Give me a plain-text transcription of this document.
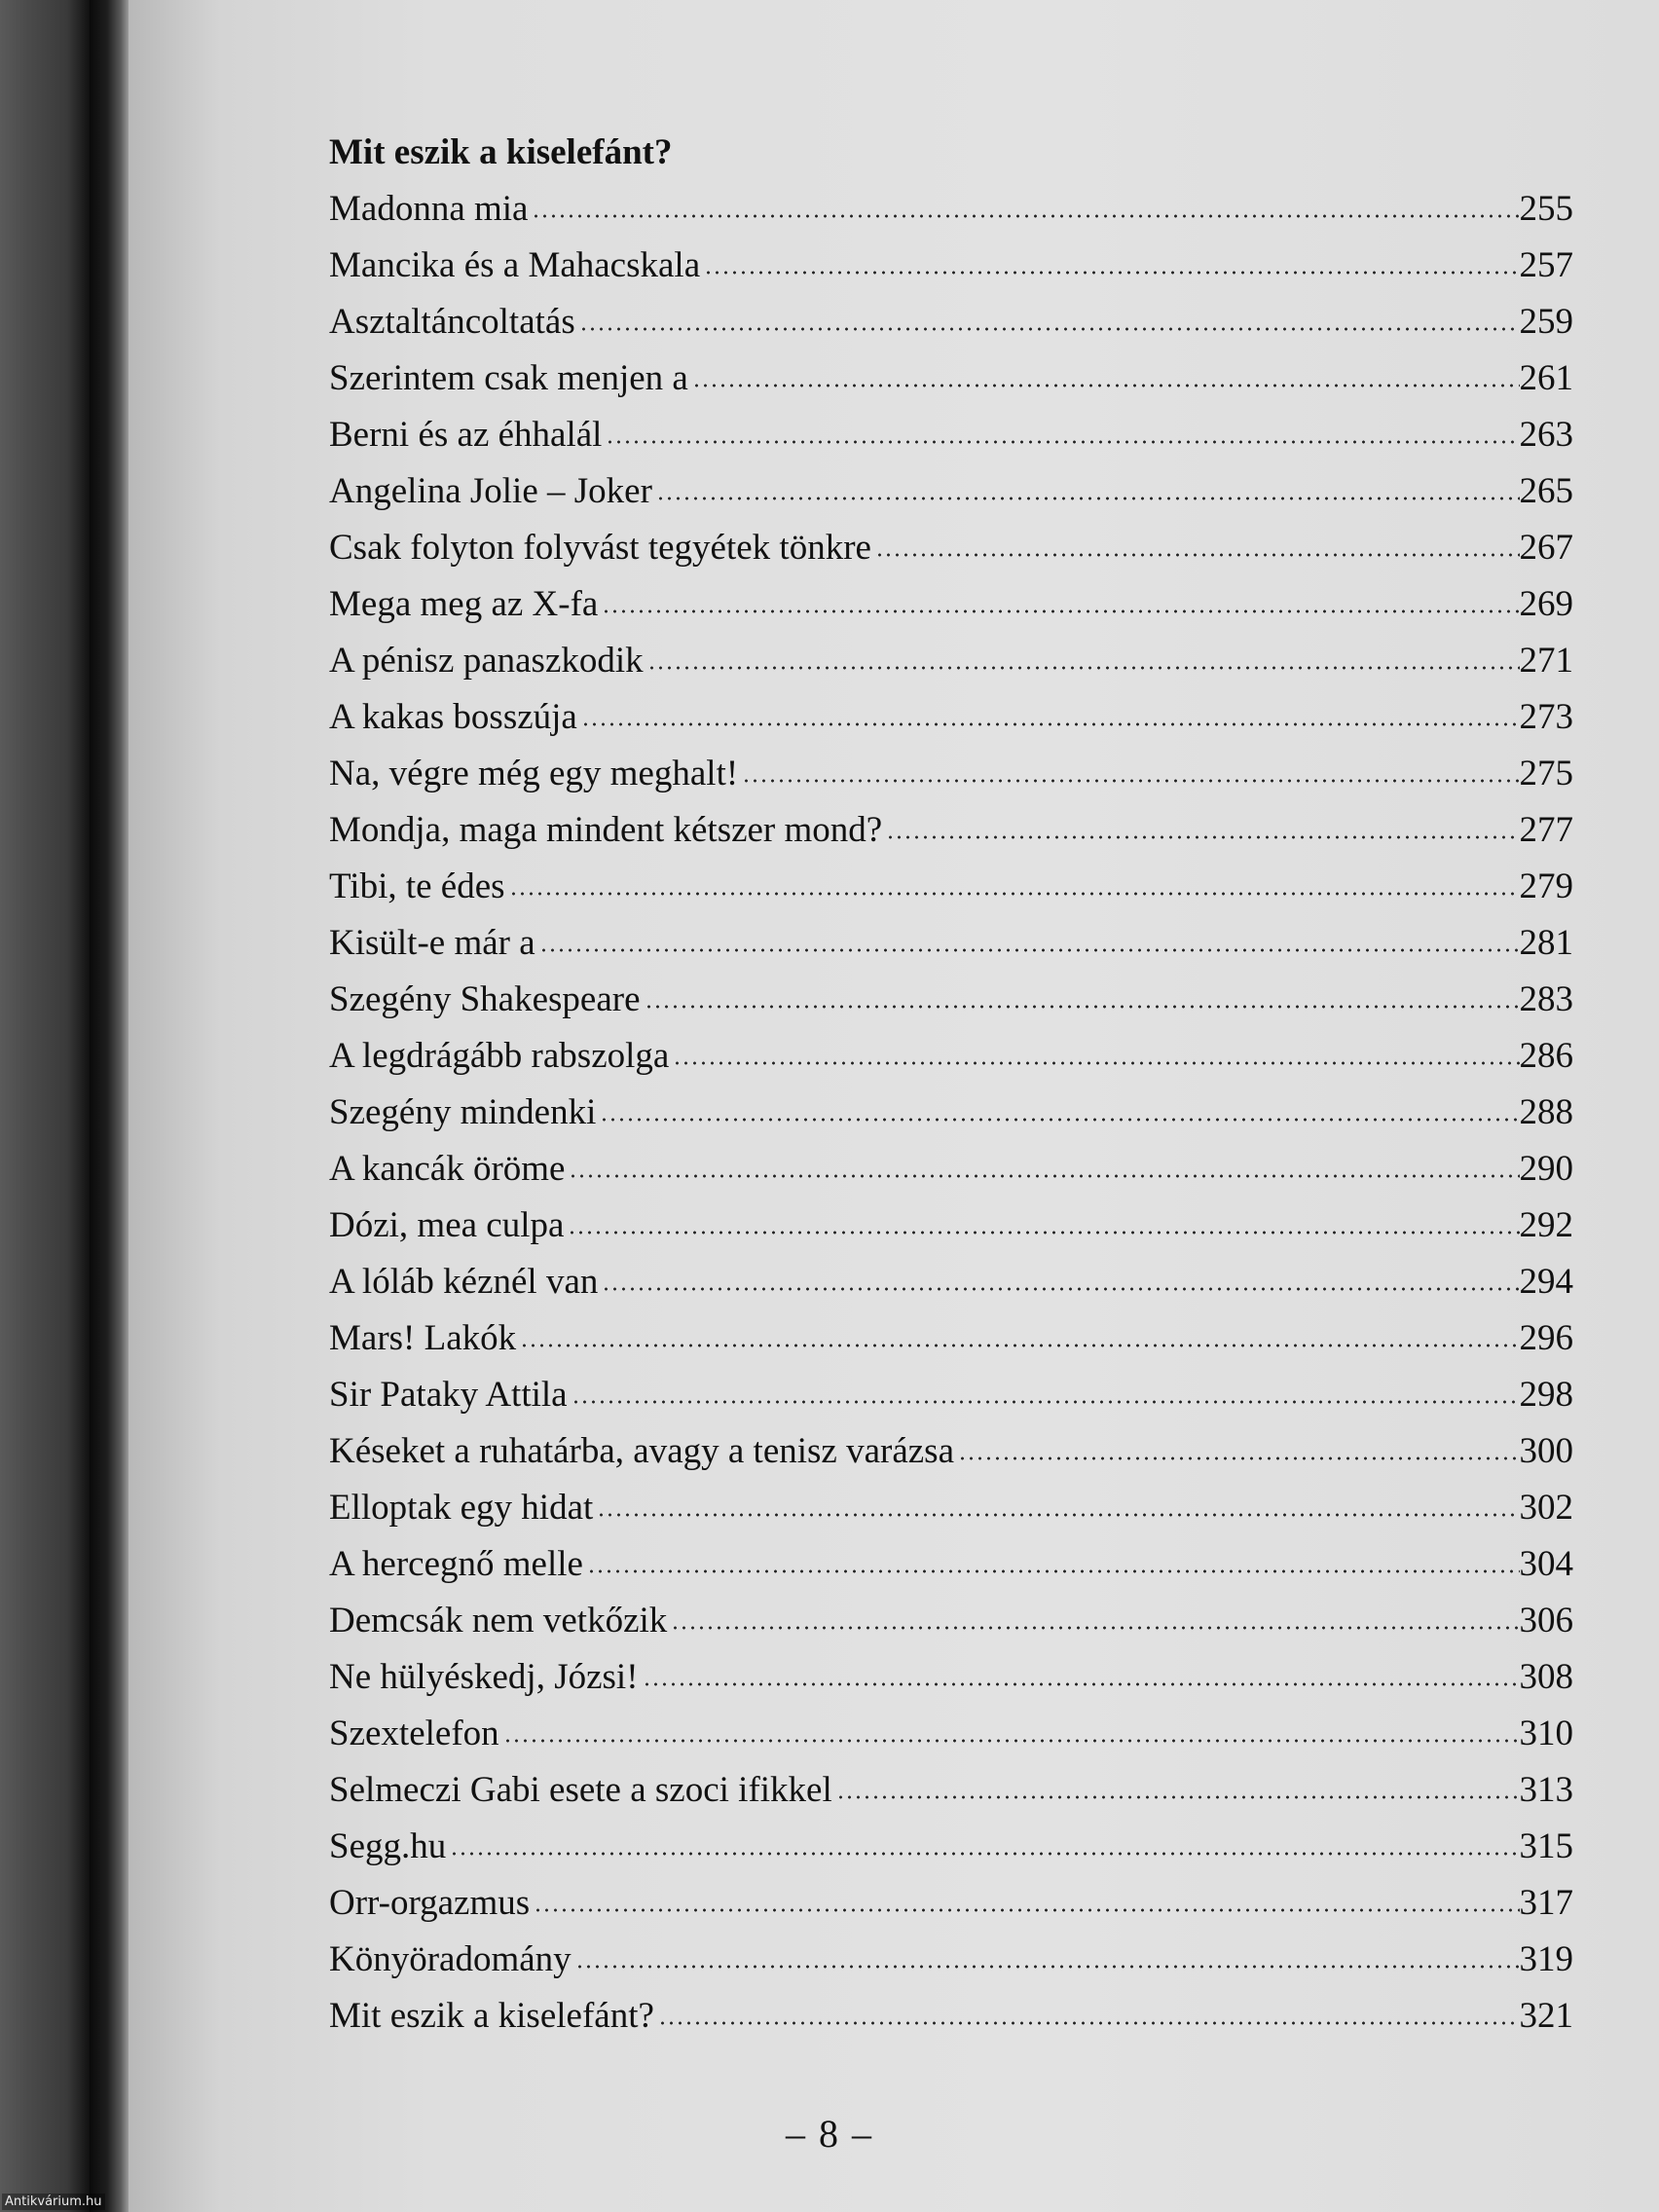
Mit eszik a kiselefánt?
Madonna mia	255
Mancika és a Mahacskala	257
Asztaltáncoltatás	259
Szerintem csak menjen a	261
Berni és az éhhalál	263
Angelina Jolie – Joker	265
Csak folyton folyvást tegyétek tönkre	267
Mega meg az X-fa	269
A pénisz panaszkodik	271
A kakas bosszúja	273
Na, végre még egy meghalt!	275
Mondja, maga mindent kétszer mond?	277
Tibi, te édes	279
Kisült-e már a	281
Szegény Shakespeare	283
A legdrágább rabszolga	286
Szegény mindenki	288
A kancák öröme	290
Dózi, mea culpa	292
A lóláb kéznél van	294
Mars! Lakók	296
Sir Pataky Attila	298
Késeket a ruhatárba, avagy a tenisz varázsa	300
Elloptak egy hidat	302
A hercegnő melle	304
Demcsák nem vetkőzik	306
Ne hülyéskedj, Józsi!	308
Szextelefon	310
Selmeczi Gabi esete a szoci ifikkel	313
Segg.hu	315
Orr-orgazmus	317
Könyöradomány	319
Mit eszik a kiselefánt?	321
– 8 –
Antikvárium.hu
